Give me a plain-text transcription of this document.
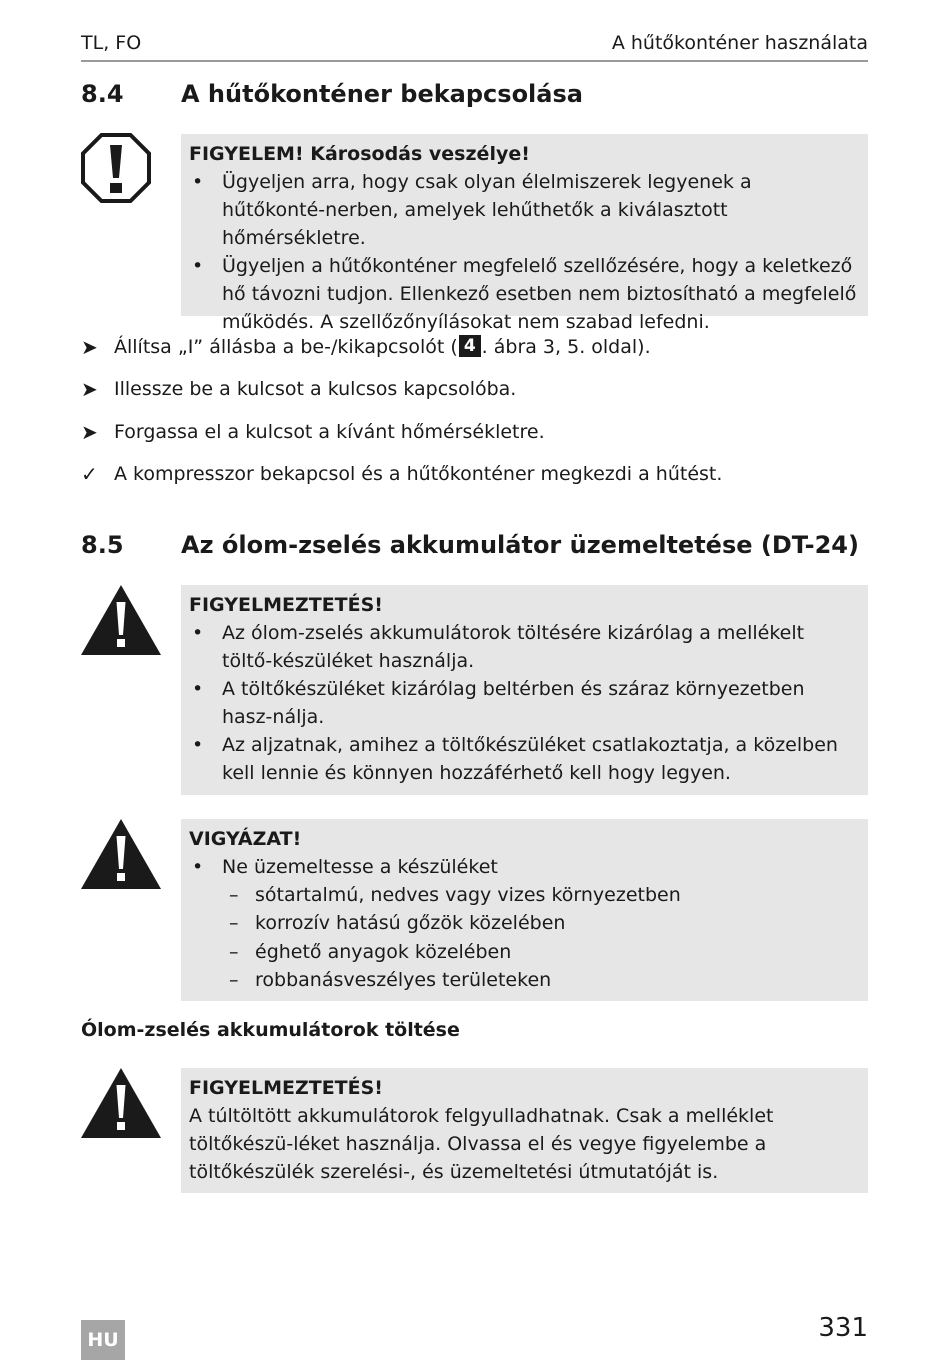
TL, FO	A hűtőkonténer használata
8.4 A hűtőkonténer bekapcsolása
FIGYELEM! Károsodás veszélye!
• Ügyeljen arra, hogy csak olyan élelmiszerek legyenek a hűtőkonté-nerben, amelyek lehűthetők a kiválasztott hőmérsékletre.
• Ügyeljen a hűtőkonténer megfelelő szellőzésére, hogy a keletkező hő távozni tudjon. Ellenkező esetben nem biztosítható a megfelelő működés. A szellőzőnyílásokat nem szabad lefedni.
➤ Állítsa „I” állásba a be-/kikapcsolót ( 4 . ábra 3, 5. oldal).
➤ Illessze be a kulcsot a kulcsos kapcsolóba.
➤ Forgassa el a kulcsot a kívánt hőmérsékletre.
✓ A kompresszor bekapcsol és a hűtőkonténer megkezdi a hűtést.
8.5 Az ólom-zselés akkumulátor üzemeltetése (DT-24)
FIGYELMEZTETÉS!
• Az ólom-zselés akkumulátorok töltésére kizárólag a mellékelt töltő-készüléket használja.
• A töltőkészüléket kizárólag beltérben és száraz környezetben hasz-nálja.
• Az aljzatnak, amihez a töltőkészüléket csatlakoztatja, a közelben kell lennie és könnyen hozzáférhető kell hogy legyen.
VIGYÁZAT!
• Ne üzemeltesse a készüléket
– sótartalmú, nedves vagy vizes környezetben
– korrozív hatású gőzök közelében
– éghető anyagok közelében
– robbanásveszélyes területeken
Ólom-zselés akkumulátorok töltése
FIGYELMEZTETÉS!
A túltöltött akkumulátorok felgyulladhatnak. Csak a melléklet töltőkészü-léket használja. Olvassa el és vegye figyelembe a töltőkészülék szerelési-, és üzemeltetési útmutatóját is.
HU	331
